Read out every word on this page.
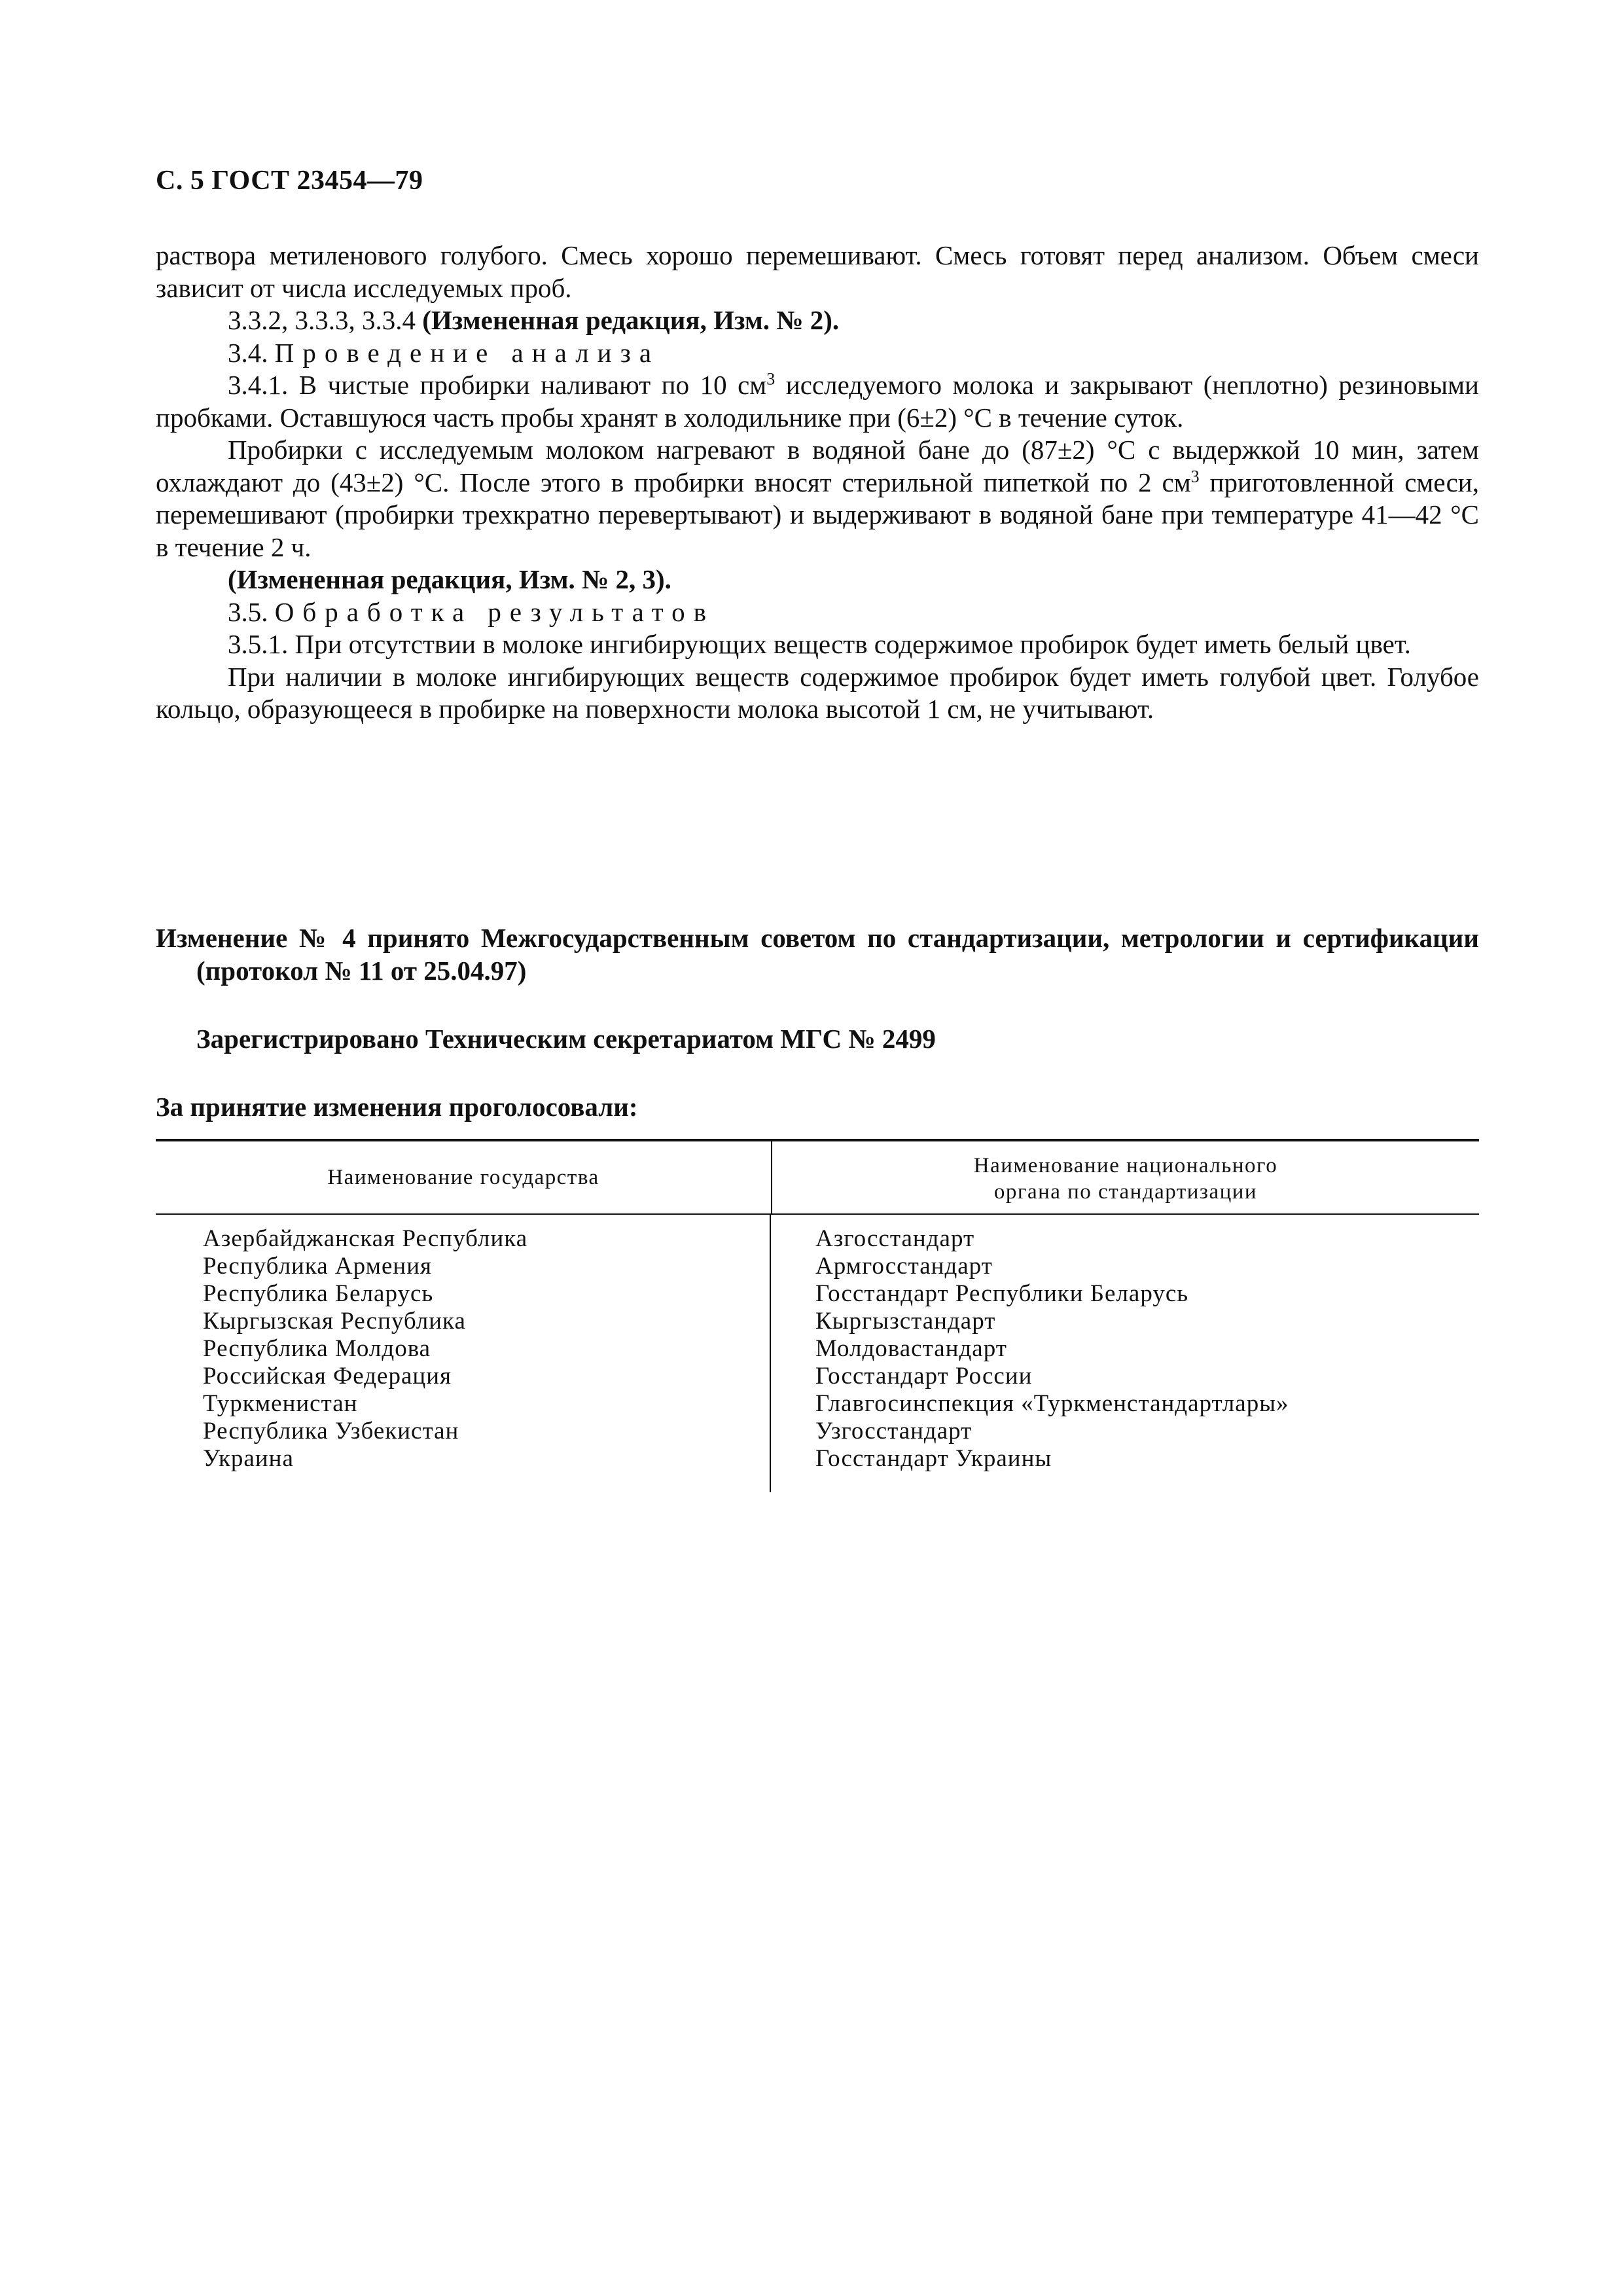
С. 5 ГОСТ 23454—79

раствора метиленового голубого. Смесь хорошо перемешивают. Смесь готовят перед анализом. Объем смеси зависит от числа исследуемых проб.

3.3.2, 3.3.3, 3.3.4 (Измененная редакция, Изм. № 2).

3.4. Проведение анализа

3.4.1. В чистые пробирки наливают по 10 $см^3$ исследуемого молока и закрывают (неплотно) резиновыми пробками. Оставшуюся часть пробы хранят в холодильнике при (6±2) °С в течение суток.

Пробирки с исследуемым молоком нагревают в водяной бане до (87±2) °С с выдержкой 10 мин, затем охлаждают до (43±2) °С. После этого в пробирки вносят стерильной пипеткой по 2 $см^3$ приготовленной смеси, перемешивают (пробирки трехкратно перевертывают) и выдерживают в водяной бане при температуре 41—42 °С в течение 2 ч.

(Измененная редакция, Изм. № 2, 3).

3.5. Обработка результатов

3.5.1. При отсутствии в молоке ингибирующих веществ содержимое пробирок будет иметь белый цвет.

При наличии в молоке ингибирующих веществ содержимое пробирок будет иметь голубой цвет. Голубое кольцо, образующееся в пробирке на поверхности молока высотой 1 см, не учитывают.

Изменение № 4 принято Межгосударственным советом по стандартизации, метрологии и сертификации (протокол № 11 от 25.04.97)

Зарегистрировано Техническим секретариатом МГС № 2499

За принятие изменения проголосовали:

Наименование государства	Наименование национального органа по стандартизации
Азербайджанская Республика
Республика Армения
Республика Беларусь
Кыргызская Республика
Республика Молдова
Российская Федерация
Туркменистан
Республика Узбекистан
Украина
Азгосстандарт
Армгосстандарт
Госстандарт Республики Беларусь
Кыргызстандарт
Молдовастандарт
Госстандарт России
Главгосинспекция «Туркменстандартлары»
Узгосстандарт
Госстандарт Украины
